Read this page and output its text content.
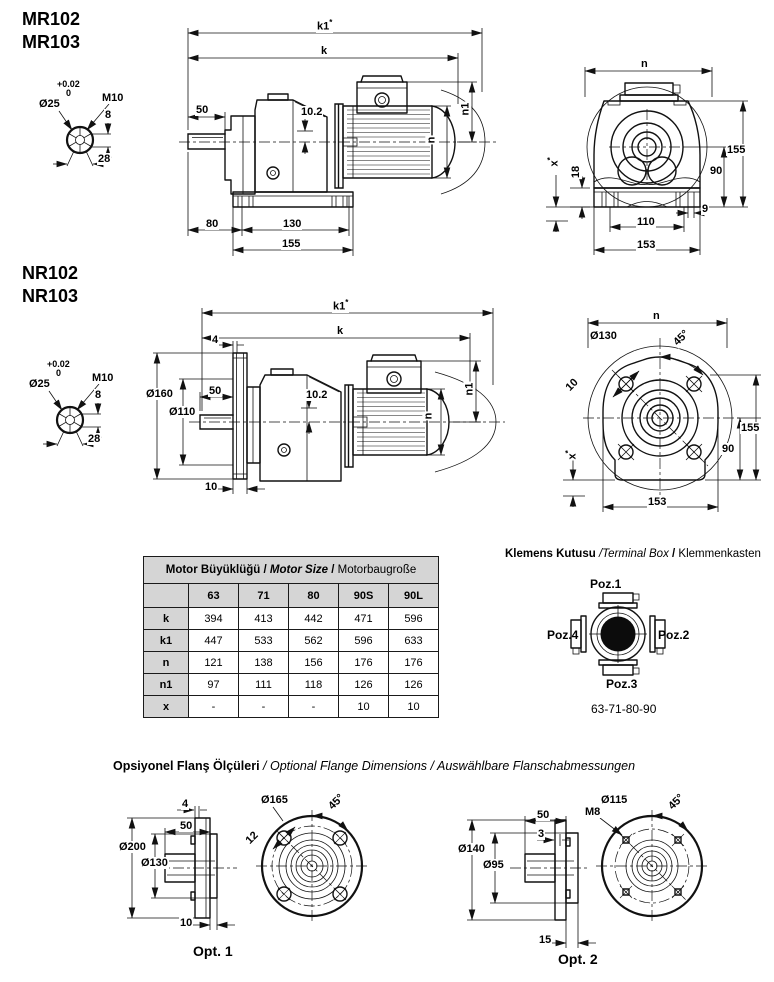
MR102
MR103
+0.02
0
Ø25	M10
8
28
k1*
k
50	10.2
n
n1
80	130
155
n
x*
18
155
90
9
110
153
NR102
NR103
+0.02
0
Ø25	M10
8
28
k1*
k
4
Ø160
Ø110
50	10.2
n
n1
10
n
Ø130	45°
10
x*
155
90
153
Motor Büyüklüğü / Motor Size / Motorbaugroße					
	63	71	80	90S	90L
k	394	413	442	471	596
k1	447	533	562	596	633
n	121	138	156	176	176
n1	97	111	118	126	126
x	-	-	-	10	10
Klemens Kutusu /Terminal Box / Klemmenkasten
Poz.1
Poz.2
Poz.3
Poz.4
63-71-80-90
Opsiyonel Flanş Ölçüleri / Optional Flange Dimensions / Auswählbare Flanschabmessungen
4
50
Ø200
Ø130
10
Ø165
12
45°
Opt. 1
50
3
Ø140
Ø95
15
Ø115
M8	45°
Opt. 2
